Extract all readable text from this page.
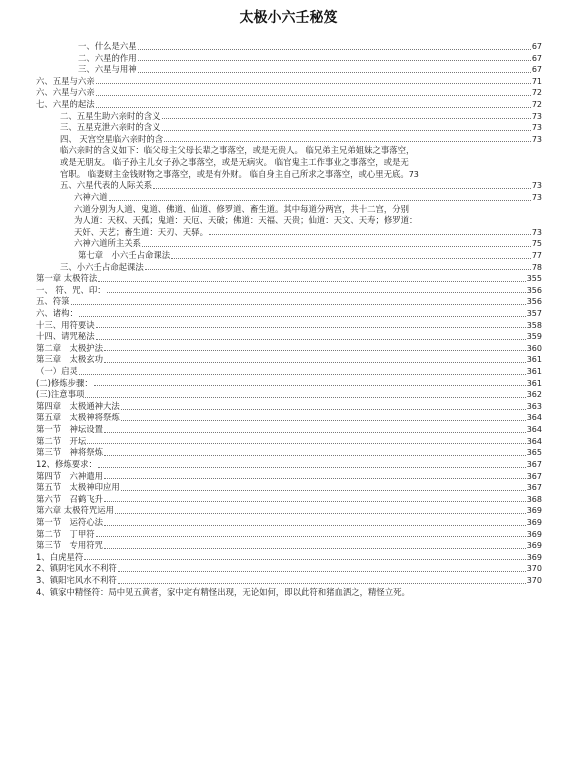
太极小六壬秘笈
一、什么是六星	67
二、六星的作用	67
三、六星与用神	67
六、五星与六亲	71
六、六星与六亲	72
七、六星的起法	72
二、五星生助六亲时的含义	73
三、五星克泄六亲时的含义	73
四、 天宫空星临六亲时的含	73
临六亲时的含义如下：临父母主父母长辈之事落空，或是无贵人。 临兄弟主兄弟姐妹之事落空，
或是无朋友。 临子孙主儿女子孙之事落空，或是无病灾。 临官鬼主工作事业之事落空，或是无
官职。 临妻财主金钱财物之事落空，或是有外财。 临自身主自己所求之事落空，或心里无底。 73
五、六星代表的人际关系	73
六神六道	73
六道分别为人道、鬼道、佛道、仙道、修罗道、畜生道。其中每道分两宫，共十二宫，分别
为人道：天权、天孤；鬼道：天厄、天破；佛道：天福、天贵；仙道：天文、天寿；修罗道：
天奸、天艺；畜生道：天刃、天驿。	73
六神六道所主关系	75
第七章　小六壬占命课法	77
三、小六壬占命起课法	78
第一章 太极符法	355
一、 符、咒、印：	356
五、符箓	356
六、诸构：	357
十三、用符要诀	358
十四、请咒秘法	359
第二章　太极护法	360
第三章　太极玄功	361
（一）启灵	361
(二)修炼步骤：	361
(三)注意事项	362
第四章　太极通神大法	363
第五章　太极神将祭炼	364
第一节　神坛设置	364
第二节　开坛	364
第三节　神将祭炼	365
12、修炼要求：	367
第四节　六神遣用	367
第五节　太极神印应用	367
第六节　召鹤飞升	368
第六章 太极符咒运用	369
第一节　运符心法	369
第二节　丁甲符	369
第三节　专用符咒	369
1、白虎星符	369
2、镇阴宅风水不利符	370
3、镇阳宅风水不利符	370
4、镇家中精怪符：局中见五黄者，家中定有精怪出现，无论如何，即以此符和猪血洒之，精怪立死。
